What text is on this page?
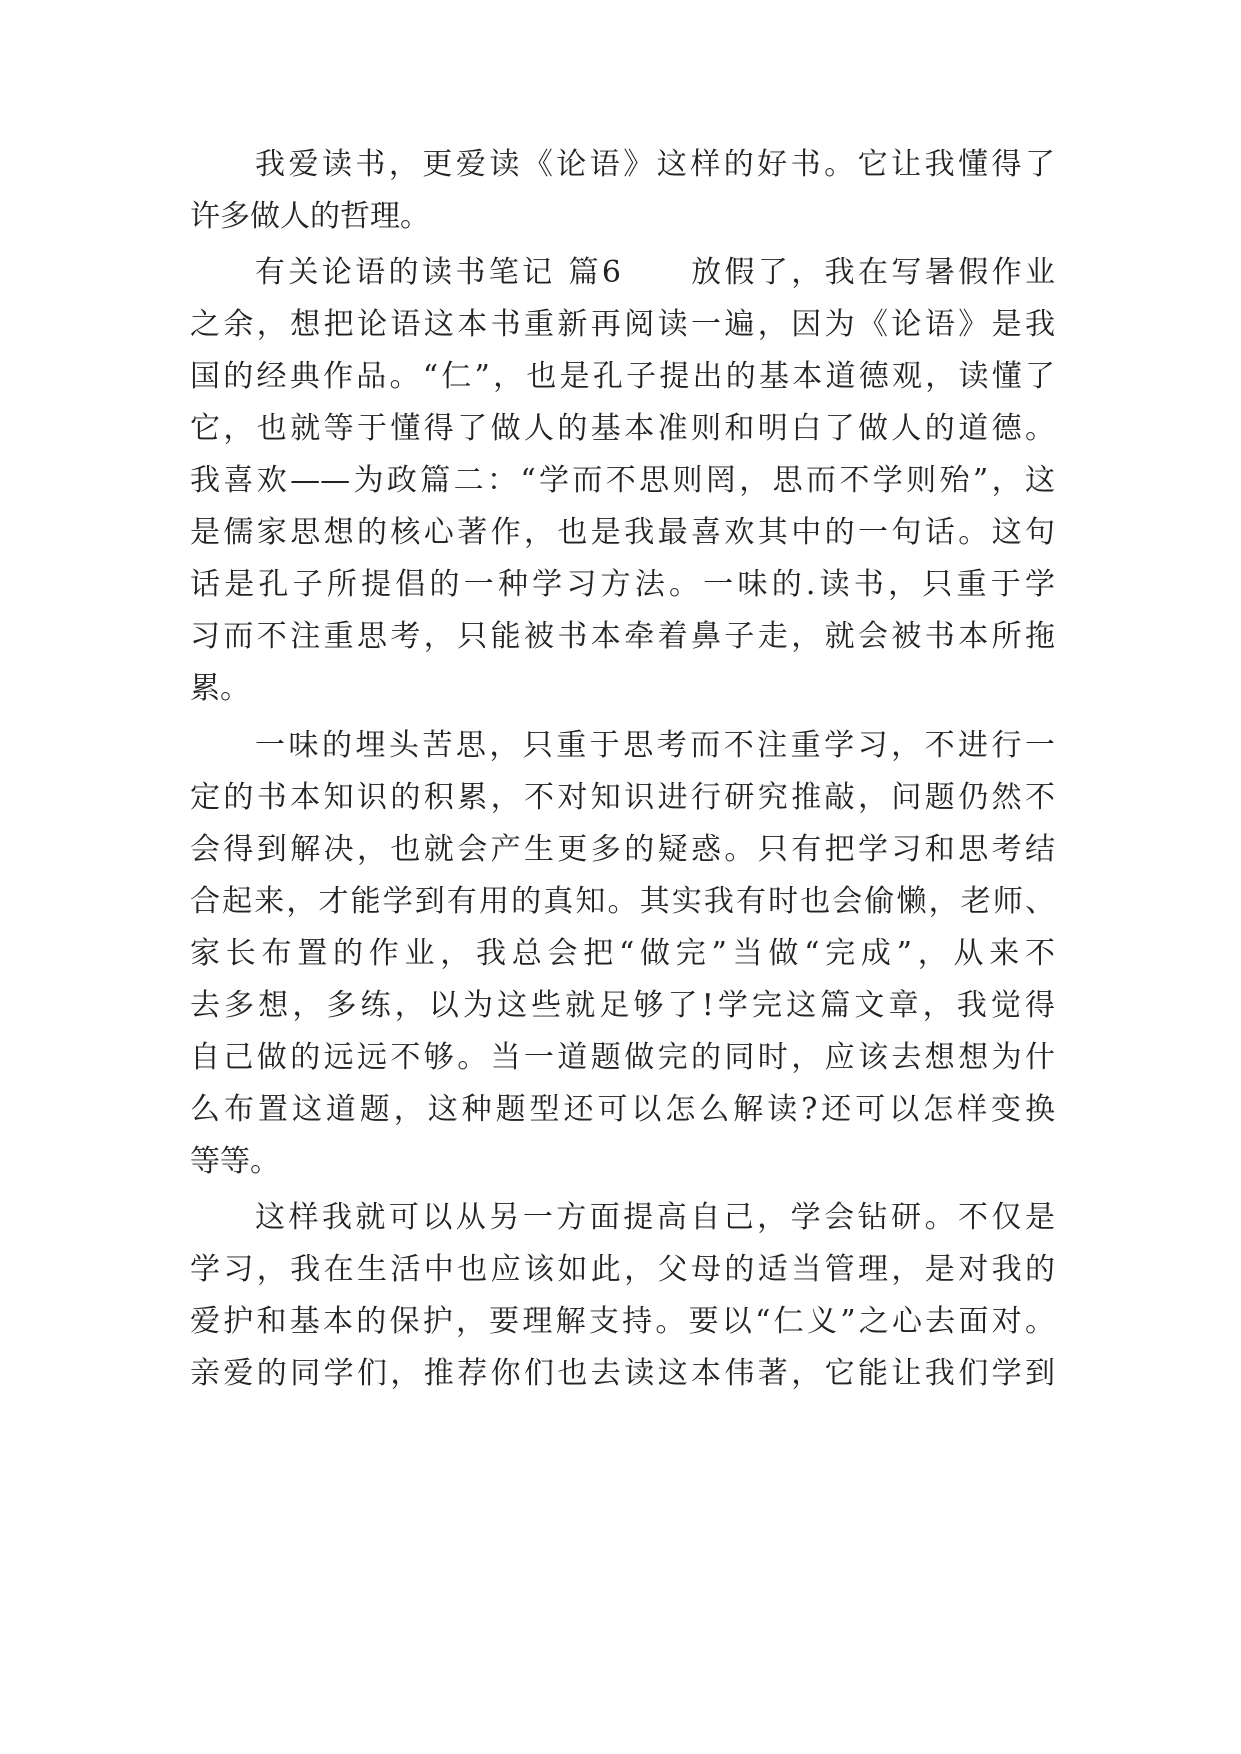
我爱读书，更爱读《论语》这样的好书。它让我懂得了
许多做人的哲理。
有关论语的读书笔记 篇6　　放假了，我在写暑假作业
之余，想把论语这本书重新再阅读一遍，因为《论语》是我
国的经典作品。“仁”，也是孔子提出的基本道德观，读懂了
它，也就等于懂得了做人的基本准则和明白了做人的道德。
我喜欢——为政篇二：“学而不思则罔，思而不学则殆”，这
是儒家思想的核心著作，也是我最喜欢其中的一句话。这句
话是孔子所提倡的一种学习方法。一味的.读书，只重于学
习而不注重思考，只能被书本牵着鼻子走，就会被书本所拖
累。
一味的埋头苦思，只重于思考而不注重学习，不进行一
定的书本知识的积累，不对知识进行研究推敲，问题仍然不
会得到解决，也就会产生更多的疑惑。只有把学习和思考结
合起来，才能学到有用的真知。其实我有时也会偷懒，老师、
家长布置的作业，我总会把“做完”当做“完成”，从来不
去多想，多练，以为这些就足够了!学完这篇文章，我觉得
自己做的远远不够。当一道题做完的同时，应该去想想为什
么布置这道题，这种题型还可以怎么解读?还可以怎样变换
等等。
这样我就可以从另一方面提高自己，学会钻研。不仅是
学习，我在生活中也应该如此，父母的适当管理，是对我的
爱护和基本的保护，要理解支持。要以“仁义”之心去面对。
亲爱的同学们，推荐你们也去读这本伟著，它能让我们学到
